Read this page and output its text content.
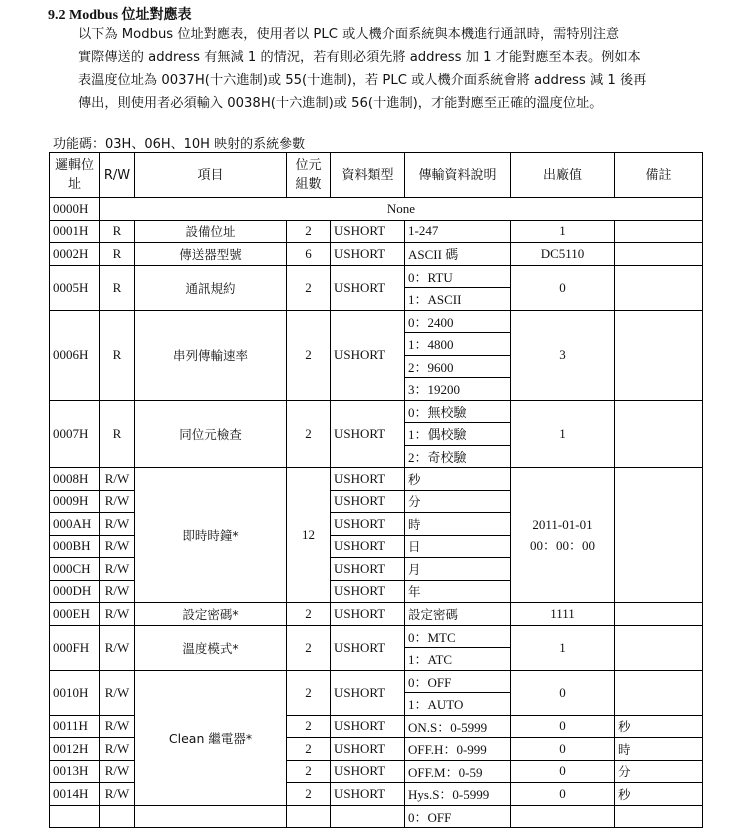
9.2 Modbus 位址對應表
以下為 Modbus 位址對應表，使用者以 PLC 或人機介面系統與本機進行通訊時，需特別注意
實際傳送的 address 有無減 1 的情況，若有則必須先將 address 加 1 才能對應至本表。例如本
表溫度位址為 0037H(十六進制)或 55(十進制)，若 PLC 或人機介面系統會將 address 減 1 後再
傳出，則使用者必須輸入 0038H(十六進制)或 56(十進制)，才能對應至正確的溫度位址。
功能碼：03H、06H、10H 映射的系統參數
邏輯位址	R/W	項目	位元組數	資料類型	傳輸資料說明	出廠值	備註
0000H	None						
0001H	R	設備位址	2	USHORT	1-247	1	
0002H	R	傳送器型號	6	USHORT	ASCII 碼	DC5110	
0005H	R	通訊規約	2	USHORT	0：RTU	0	
					1：ASCII		
0006H	R	串列傳輸速率	2	USHORT	0：2400	3	
					1：4800		
					2：9600		
					3：19200		
0007H	R	同位元檢查	2	USHORT	0：無校驗	1	
					1：偶校驗		
					2：奇校驗		
0008H	R/W	即時時鐘*	12	USHORT	秒	2011-01-01
00：00：00	
0009H	R/W			USHORT	分		
000AH	R/W			USHORT	時		
000BH	R/W			USHORT	日		
000CH	R/W			USHORT	月		
000DH	R/W			USHORT	年		
000EH	R/W	設定密碼*	2	USHORT	設定密碼	1111	
000FH	R/W	溫度模式*	2	USHORT	0：MTC	1	
					1：ATC		
0010H	R/W	Clean 繼電器*	2	USHORT	0：OFF	0	
					1：AUTO		
0011H	R/W		2	USHORT	ON.S：0-5999	0	秒
0012H	R/W		2	USHORT	OFF.H：0-999	0	時
0013H	R/W		2	USHORT	OFF.M：0-59	0	分
0014H	R/W		2	USHORT	Hys.S：0-5999	0	秒
					0：OFF		
